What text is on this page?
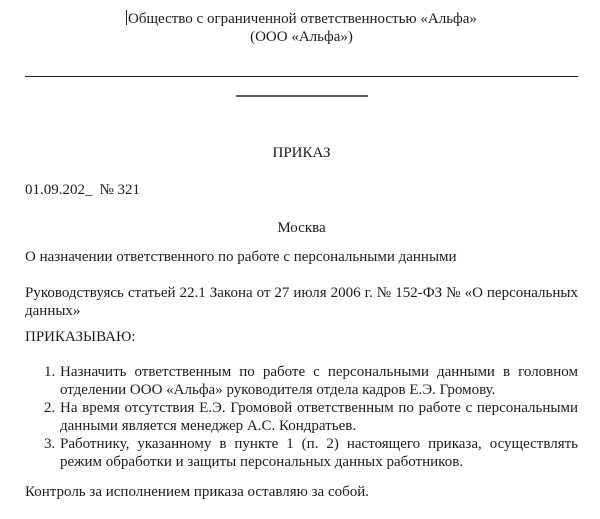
Общество с ограниченной ответственностью «Альфа»
(ООО «Альфа»)
ПРИКАЗ
01.09.202_ № 321
Москва
О назначении ответственного по работе с персональными данными
Руководствуясь статьей 22.1 Закона от 27 июля 2006 г. № 152-ФЗ № «О персональных данных»
ПРИКАЗЫВАЮ:
1. Назначить ответственным по работе с персональными данными в головном отделении ООО «Альфа» руководителя отдела кадров Е.Э. Громову.
2. На время отсутствия Е.Э. Громовой ответственным по работе с персональными данными является менеджер А.С. Кондратьев.
3. Работнику, указанному в пункте 1 (п. 2) настоящего приказа, осуществлять режим обработки и защиты персональных данных работников.
Контроль за исполнением приказа оставляю за собой.
